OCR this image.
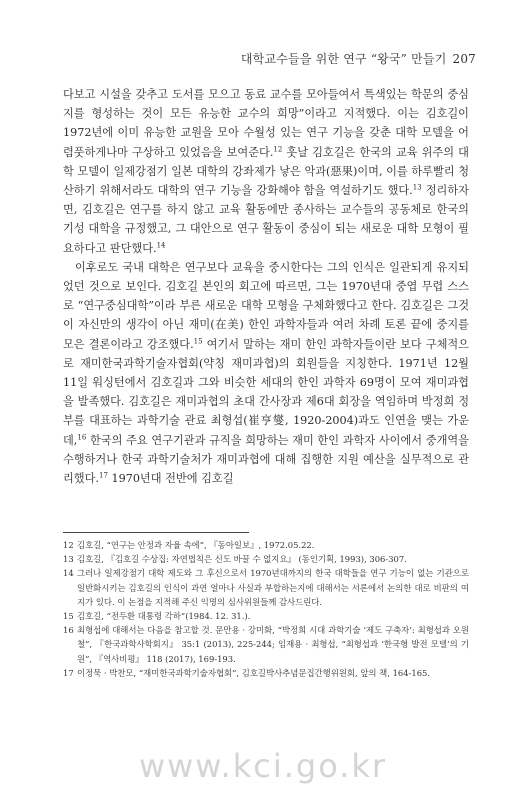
대학교수들을 위한 연구 “왕국” 만들기 207

다보고 시설을 갖추고 도서를 모으고 동료 교수를 모아들여서 특색있는 학문의 중심지를 형성하는 것이 모든 유능한 교수의 희망”이라고 지적했다. 이는 김호길이 1972년에 이미 유능한 교원을 모아 수월성 있는 연구 기능을 갖춘 대학 모델을 어렴풋하게나마 구상하고 있었음을 보여준다.$^{12}$ 훗날 김호길은 한국의 교육 위주의 대학 모델이 일제강점기 일본 대학의 강좌제가 낳은 악과(惡果)이며, 이를 하루빨리 청산하기 위해서라도 대학의 연구 기능을 강화해야 함을 역설하기도 했다.$^{13}$ 정리하자면, 김호길은 연구를 하지 않고 교육 활동에만 종사하는 교수들의 공동체로 한국의 기성 대학을 규정했고, 그 대안으로 연구 활동이 중심이 되는 새로운 대학 모형이 필요하다고 판단했다.$^{14}$

이후로도 국내 대학은 연구보다 교육을 중시한다는 그의 인식은 일관되게 유지되었던 것으로 보인다. 김호길 본인의 회고에 따르면, 그는 1970년대 중엽 무렵 스스로 “연구중심대학”이라 부른 새로운 대학 모형을 구체화했다고 한다. 김호길은 그것이 자신만의 생각이 아닌 재미(在美) 한인 과학자들과 여러 차례 토론 끝에 중지를 모은 결론이라고 강조했다.$^{15}$ 여기서 말하는 재미 한인 과학자들이란 보다 구체적으로 재미한국과학기술자협회(약칭 재미과협)의 회원들을 지칭한다. 1971년 12월 11일 워싱턴에서 김호길과 그와 비슷한 세대의 한인 과학자 69명이 모여 재미과협을 발족했다. 김호길은 재미과협의 초대 간사장과 제6대 회장을 역임하며 박정희 정부를 대표하는 과학기술 관료 최형섭(崔亨燮, 1920-2004)과도 인연을 맺는 가운데,$^{16}$ 한국의 주요 연구기관과 규직을 희망하는 재미 한인 과학자 사이에서 중개역을 수행하거나 한국 과학기술처가 재미과협에 대해 집행한 지원 예산을 실무적으로 관리했다.$^{17}$ 1970년대 전반에 김호길

12 김호길, “연구는 안정과 자율 속에”, 『동아일보』, 1972.05.22.
13 김호길, 『김호길 수상집: 자연법칙은 신도 바꿀 수 없지요』 (동인기획, 1993), 306-307.
14 그러나 일제강점기 대학 제도와 그 후신으로서 1970년대까지의 한국 대학들을 연구 기능이 없는 기관으로 일반화시키는 김호길의 인식이 과연 얼마나 사실과 부합하는지에 대해서는 서론에서 논의한 대로 비판의 여지가 있다. 이 논점을 지적해 주신 익명의 심사위원들께 감사드린다.
15 김호길, “전두환 대통령 각하”(1984. 12. 31.).
16 최형섭에 대해서는 다음을 참고할 것. 문만용 · 강미화, “박정희 시대 과학기술 ‘제도 구축자’: 최형섭과 오원철”, 『한국과학사학회지』 35:1 (2013), 225-244; 임재용 · 최형섭, “최형섭과 ‘한국형 발전 모델’의 기원”, 『역사비평』 118 (2017), 169-193.
17 이정묵 · 박찬모, “재미한국과학기술자협회”, 김호길박사추념문집간행위원회, 앞의 책, 164-165.
www.kci.go.kr
